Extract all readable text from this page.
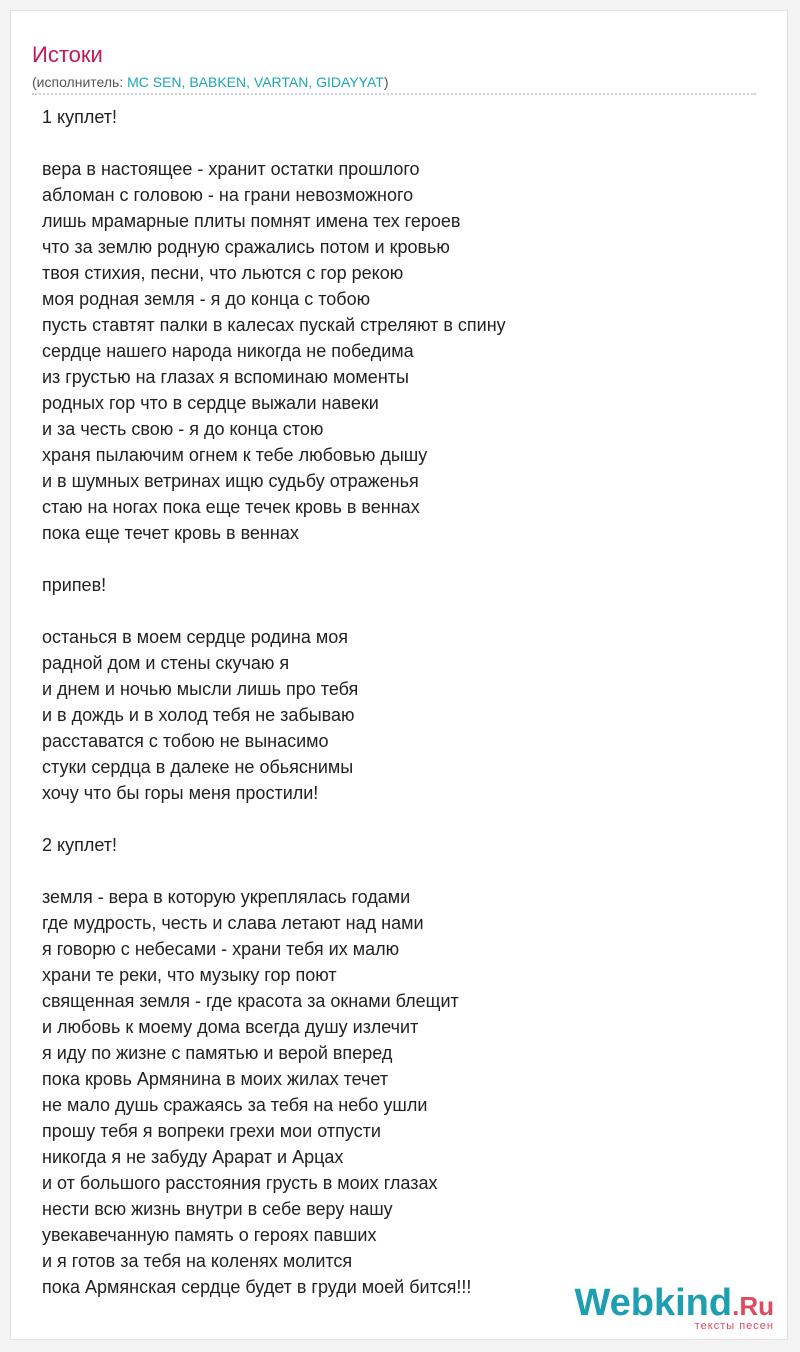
Истоки
(исполнитель: MC SEN, BABKEN, VARTAN, GIDAYYAT)
1 куплет!
вера в настоящее - хранит остатки прошлого
абломан с головою - на грани невозможного
лишь мрамарные плиты помнят имена тех героев
что за землю родную сражались потом и кровью
твоя стихия, песни, что льются с гор рекою
моя родная земля - я до конца с тобою
пусть ставтят палки в калесах пускай стреляют в спину
сердце нашего народа никогда не победима
из грустью на глазах я вспоминаю моменты
родных гор что в сердце выжали навеки
и за честь свою - я до конца стою
храня пылаючим огнем к тебе любовью дышу
и в шумных ветринах ищю судьбу отраженья
стаю на ногах пока еще течек кровь в веннах
пока еще течет кровь в веннах
припев!
останься в моем сердце родина моя
радной дом и стены скучаю я
и днем и ночью мысли лишь про тебя
и в дождь и в холод тебя не забываю
расставатся с тобою не вынасимо
стуки сердца в далеке не обьяснимы
хочу что бы горы меня простили!
2 куплет!
земля - вера в которую укреплялась годами
где мудрость, честь и слава летают над нами
я говорю с небесами - храни тебя их малю
храни те реки, что музыку гор поют
священная земля - где красота за окнами блещит
и любовь к моему дома всегда душу излечит
я иду по жизне с памятью и верой вперед
пока кровь Армянина в моих жилах течет
не мало душь сражаясь за тебя на небо ушли
прошу тебя я вопреки грехи мои отпусти
никогда я не забуду Арарат и Арцах
и от большого расстояния грусть в моих глазах
нести всю жизнь внутри в себе веру нашу
увекавечанную память о героях павших
и я готов за тебя на коленях молится
пока Армянская сердце будет в груди моей бится!!!	Webkind.Ru
тексты песен
